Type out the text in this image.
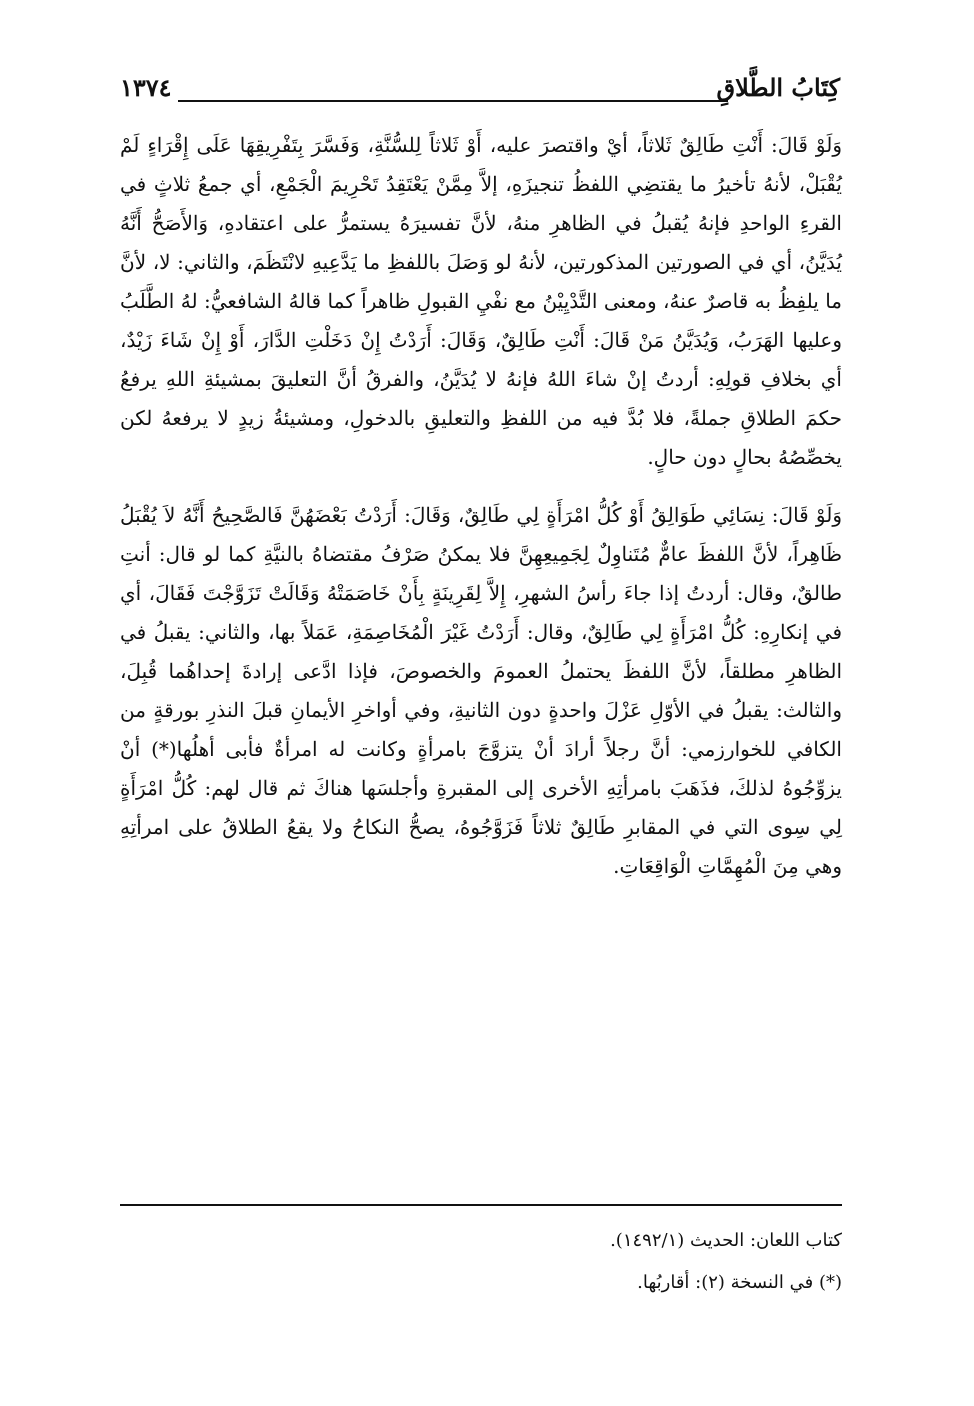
كِتَابُ الطَّلاقِ
١٣٧٤

وَلَوْ قَالَ: أَنْتِ طَالِقٌ ثَلاثاً، أيْ واقتصرَ عليه، أَوْ ثَلاثاً لِلسُّنَّةِ، وَفَسَّرَ بِتَفْرِيقِهَا عَلَى إِقْرَاءٍ لَمْ يُقْبَلْ، لأنهُ تأخيرُ ما يقتضِي اللفظُ تنجيزَهِ، إلاَّ مِمَّنْ يَعْتَقِدُ تَحْرِيمَ الْجَمْعِ، أي جمعُ ثلاثٍ في القرءِ الواحدِ فإنهُ يُقبلُ في الظاهرِ منهُ، لأنَّ تفسيرَهُ يستمرُّ على اعتقادهِ، وَالأَصَحُّ أَنَّهُ يُدَيَّنُ، أي في الصورتين المذكورتين، لأنهُ لو وَصَلَ باللفظِ ما يَدَّعِيهِ لانْتَظَمَ، والثاني: لا، لأنَّ ما يلفِظُ به قاصرٌ عنهُ، ومعنى التَّدْيِيْنُ مع نفْيِ القبولِ ظاهراً كما قالهُ الشافعيُّ: لهُ الطَّلَبُ وعليها الهَرَبُ، وَيُدَيَّنُ مَنْ قَالَ: أَنْتِ طَالِقٌ، وَقَالَ: أَرَدْتُ إِنْ دَخَلْتِ الدَّارَ، أَوْ إِنْ شَاءَ زَيْدٌ، أي بخلافِ قولِهِ: أردتُ إنْ شاءَ اللهُ فإنهُ لا يُدَيَّنُ، والفرقُ أنَّ التعليقَ بمشيئةِ اللهِ يرفعُ حكمَ الطلاقِ جملةً، فلا بُدَّ فيه من اللفظِ والتعليقِ بالدخولِ، ومشيئةُ زيدٍ لا يرفعهُ لكن يخصِّصُهُ بحالٍ دون حالٍ.

وَلَوْ قَالَ: نِسَائِي طَوَالِقُ أَوْ كُلُّ امْرَأَةٍ لِي طَالِقٌ، وَقَالَ: أَرَدْتُ بَعْضَهُنَّ فَالصَّحِيحُ أَنَّهُ لاَ يُقْبَلُ ظَاهِراً، لأنَّ اللفظَ عامٌّ مُتَناوِلٌ لِجَمِيعِهِنَّ فلا يمكنُ صَرْفُ مقتضاهُ بالنيَّةِ كما لو قال: أنتِ طالقٌ، وقال: أردتُ إذا جاءَ رأسُ الشهرِ، إِلاَّ لِقَرِينَةٍ بِأَنْ خَاصَمَتْهُ وَقَالَتْ تَزَوَّجْتَ فَقَالَ، أي في إنكارِهِ: كُلُّ امْرَأَةٍ لِي طَالِقٌ، وقال: أَرَدْتُ غَيْرَ الْمُخَاصِمَةِ، عَمَلاً بها، والثاني: يقبلُ في الظاهرِ مطلقاً، لأنَّ اللفظَ يحتملُ العمومَ والخصوصَ، فإذا ادَّعى إرادةَ إحداهُما قُبِلَ، والثالث: يقبلُ في الأوّلِ عَزْلَ واحدةٍ دون الثانيةِ، وفي أواخرِ الأيمانِ قبلَ النذرِ بورقةٍ من الكافي للخوارزمي: أنَّ رجلاً أرادَ أنْ يتزوَّجَ بامرأةٍ وكانت له امرأةٌ فأبى أهلُها(*) أنْ يزوِّجُوهُ لذلكَ، فذَهَبَ بامرأتِهِ الأخرى إلى المقبرةِ وأجلسَها هناكَ ثم قال لهم: كُلُّ امْرَأَةٍ لِي سِوى التي في المقابرِ طَالِقٌ ثلاثاً فَزَوَّجُوهُ، يصحُّ النكاحُ ولا يقعُ الطلاقُ على امرأتِهِ وهي مِنَ الْمُهِمَّاتِ الْوَاقِعَاتِ.

كتاب اللعان: الحديث (١٤٩٢/١).

(*) في النسخة (٢): أقاربُها.
